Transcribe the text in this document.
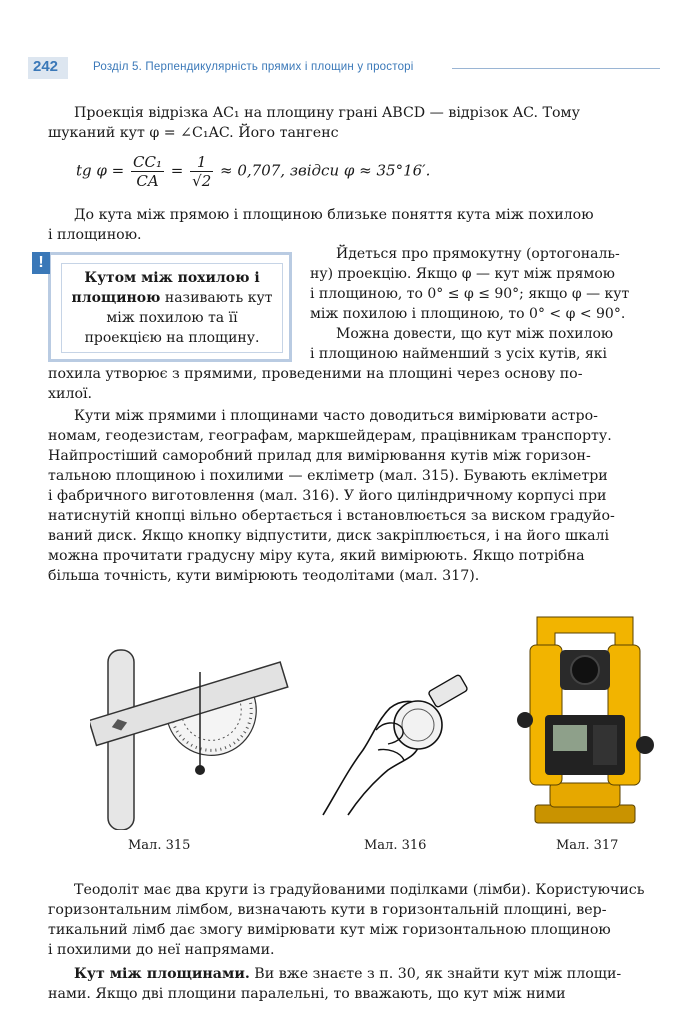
242	Розділ 5. Перпендикулярність прямих і площин у просторі
Проекція відрізка AC₁ на площину грані ABCD — відрізок AC. Тому
шуканий кут φ = ∠C₁AC. Його тангенс
tg $\varphi = \frac{\text{CC₁}}{CA} = \frac{1}{√2} \approx 0,707$, звідси φ ≈ 35°16′.
До кута між прямою і площиною близьке поняття кута між похилою
і площиною.
Кутом між похилою і площиною називають кут між похилою та її проекцією на площину.
!	Йдеться про прямокутну (ортогональ-
ну) проекцію. Якщо φ — кут між прямою
і площиною, то 0° ≤ φ ≤ 90°; якщо φ — кут
між похилою і площиною, то 0° < φ < 90°.
Можна довести, що кут між похилою
і площиною найменший з усіх кутів, які
похила утворює з прямими, проведеними на площині через основу по-
хилої.
Кути між прямими і площинами часто доводиться вимірювати астро-
номам, геодезистам, географам, маркшейдерам, працівникам транспорту.
Найпростіший саморобний прилад для вимірювання кутів між горизон-
тальною площиною і похилими — екліметр (мал. 315). Бувають екліметри
і фабричного виготовлення (мал. 316). У його циліндричному корпусі при
натиснутій кнопці вільно обертається і встановлюється за виском градуйо-
ваний диск. Якщо кнопку відпустити, диск закріплюється, і на його шкалі
можна прочитати градусну міру кута, який вимірюють. Якщо потрібна
більша точність, кути вимірюють теодолітами (мал. 317).
Мал. 315	Мал. 316	Мал. 317
Теодоліт має два круги із градуйованими поділками (лімби). Користуючись
горизонтальним лімбом, визначають кути в горизонтальній площині, вер-
тикальний лімб дає змогу вимірювати кут між горизонтальною площиною
і похилими до неї напрямами.
Кут між площинами. Ви вже знаєте з п. 30, як знайти кут між площи-
нами. Якщо дві площини паралельні, то вважають, що кут між ними
